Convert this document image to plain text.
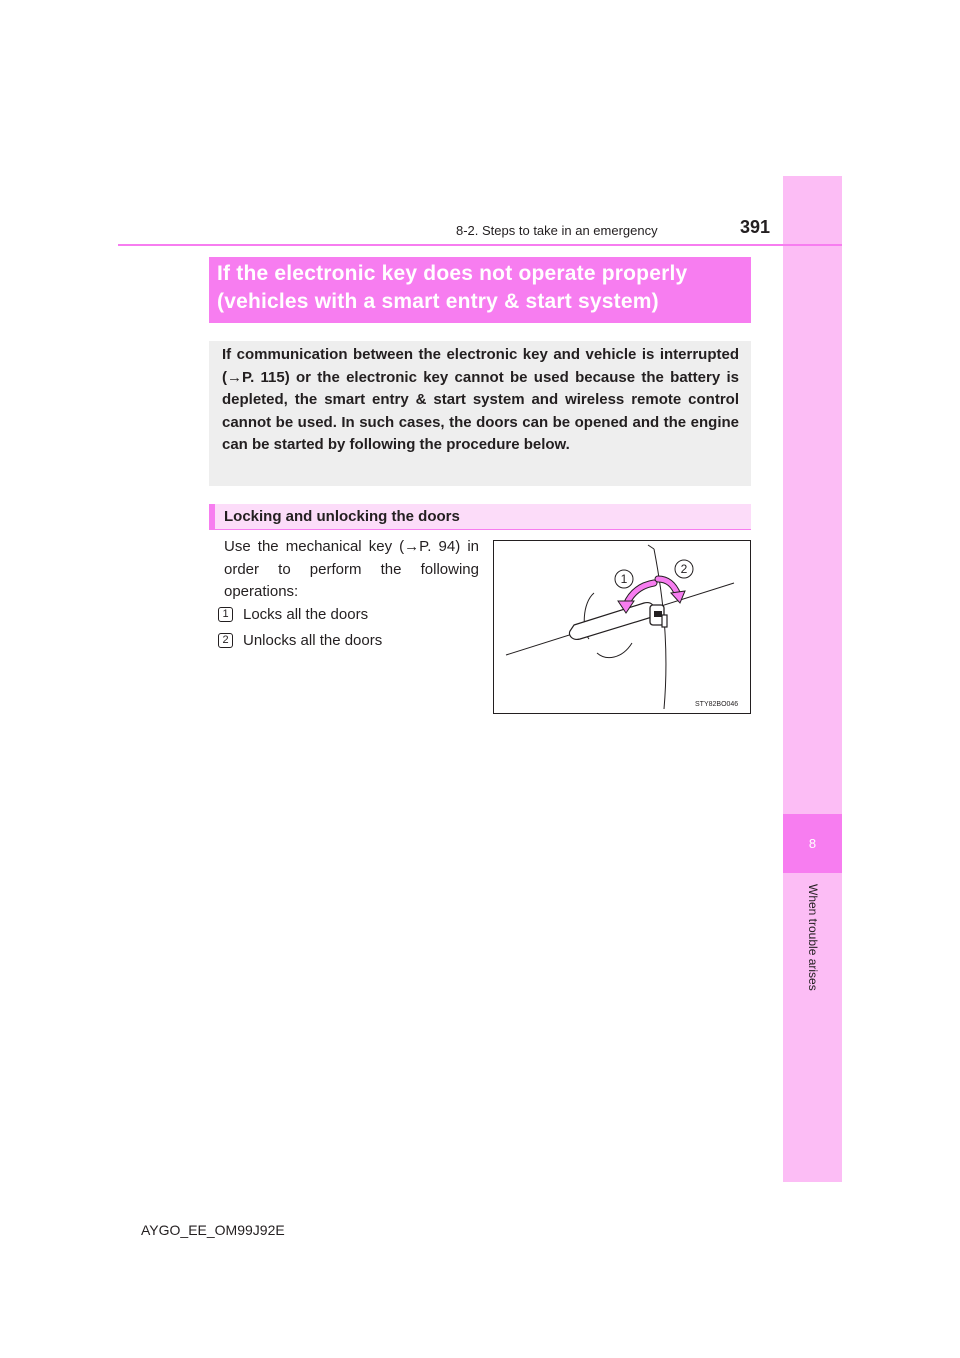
8
When trouble arises
8-2. Steps to take in an emergency	391
If the electronic key does not operate properly
(vehicles with a smart entry & start system)
If communication between the electronic key and vehicle is interrupted (→P. 115) or the electronic key cannot be used because the battery is depleted, the smart entry & start system and wireless remote control cannot be used. In such cases, the doors can be opened and the engine can be started by following the procedure below.
Locking and unlocking the doors
Use the mechanical key (→P. 94) in order to perform the following operations:
1 Locks all the doors
2 Unlocks all the doors
1
2
STY82BO046
AYGO_EE_OM99J92E
